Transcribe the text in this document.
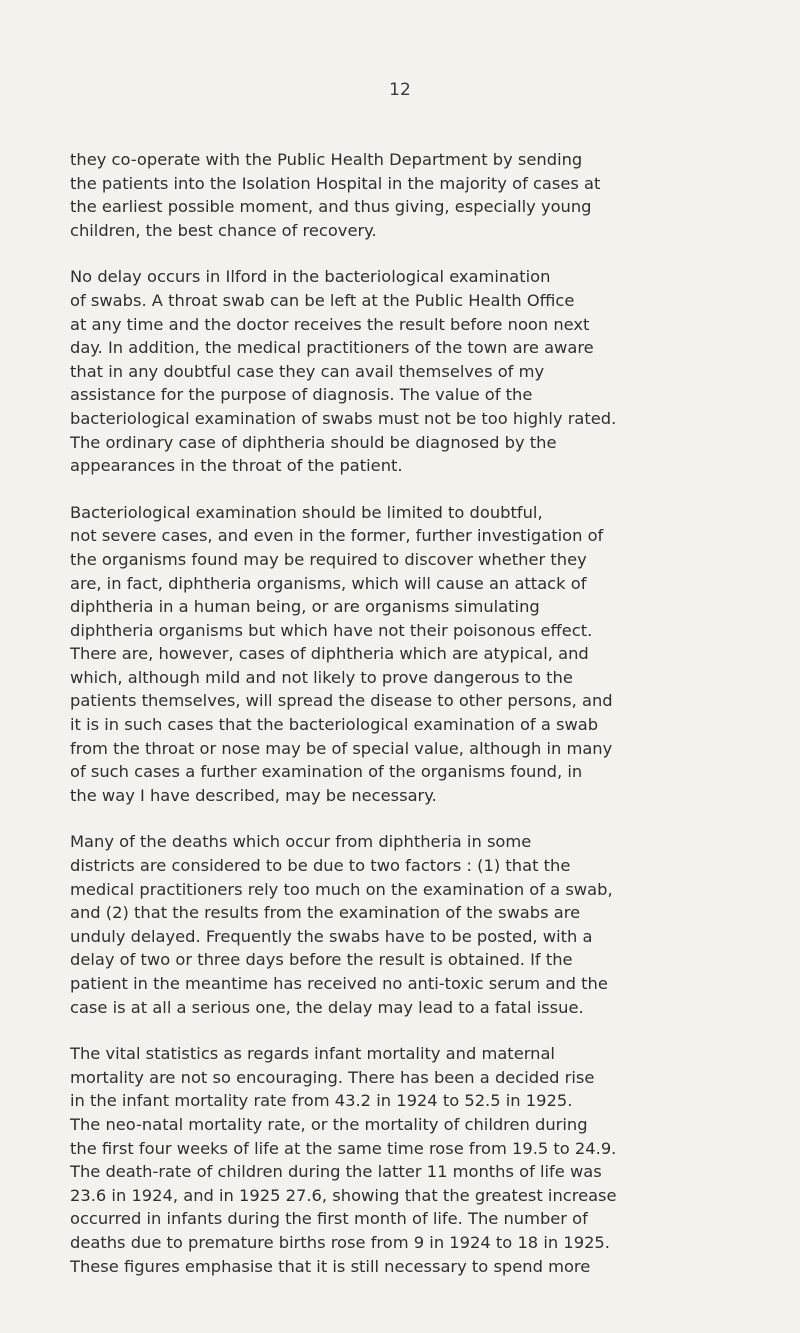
12

they co-operate with the Public Health Department by sending
the patients into the Isolation Hospital in the majority of cases at
the earliest possible moment, and thus giving, especially young
children, the best chance of recovery.

No delay occurs in Ilford in the bacteriological examination
of swabs. A throat swab can be left at the Public Health Office
at any time and the doctor receives the result before noon next
day. In addition, the medical practitioners of the town are aware
that in any doubtful case they can avail themselves of my
assistance for the purpose of diagnosis. The value of the
bacteriological examination of swabs must not be too highly rated.
The ordinary case of diphtheria should be diagnosed by the
appearances in the throat of the patient.

Bacteriological examination should be limited to doubtful,
not severe cases, and even in the former, further investigation of
the organisms found may be required to discover whether they
are, in fact, diphtheria organisms, which will cause an attack of
diphtheria in a human being, or are organisms simulating
diphtheria organisms but which have not their poisonous effect.
There are, however, cases of diphtheria which are atypical, and
which, although mild and not likely to prove dangerous to the
patients themselves, will spread the disease to other persons, and
it is in such cases that the bacteriological examination of a swab
from the throat or nose may be of special value, although in many
of such cases a further examination of the organisms found, in
the way I have described, may be necessary.

Many of the deaths which occur from diphtheria in some
districts are considered to be due to two factors : (1) that the
medical practitioners rely too much on the examination of a swab,
and (2) that the results from the examination of the swabs are
unduly delayed. Frequently the swabs have to be posted, with a
delay of two or three days before the result is obtained. If the
patient in the meantime has received no anti-toxic serum and the
case is at all a serious one, the delay may lead to a fatal issue.

The vital statistics as regards infant mortality and maternal
mortality are not so encouraging. There has been a decided rise
in the infant mortality rate from 43.2 in 1924 to 52.5 in 1925.
The neo-natal mortality rate, or the mortality of children during
the first four weeks of life at the same time rose from 19.5 to 24.9.
The death-rate of children during the latter 11 months of life was
23.6 in 1924, and in 1925 27.6, showing that the greatest increase
occurred in infants during the first month of life. The number of
deaths due to premature births rose from 9 in 1924 to 18 in 1925.
These figures emphasise that it is still necessary to spend more
